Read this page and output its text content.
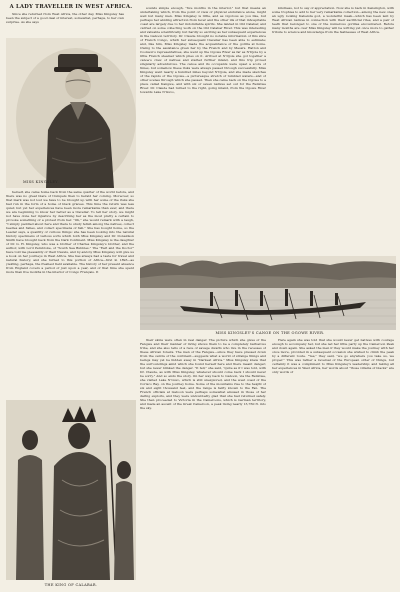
A LADY TRAVELLER IN WEST AFRICA.

Since she returned from West Africa, the other day, Miss Kingsley has been the subject of a good deal of interest, somewhat, perhaps, to her own surprise. As she says

MISS KINGSLEY.

herself, she came home back from the same quarter of the world before, and there was no great blare of trumpets then to herald her coming. Moreover, so that mark was not lost we have to be brought up with her some of the risks she had run in the form of a home of black grieves. This time the return was less quiet; but yet her experiences have been more remarkable than ever, and there we are beginning to know her better as a traveller. To tell her story, we might not have done her injustice by describing her as the most pretty a certain to provoke something of a protest from her. "Oh," she would remark with a laugh, "I simply paddled about here and there to study fetish among the natives, collect beetles and fishes, and collect specimens of fish." She has bought home, so the Leader says, a quantity of curious things: she has been looking into the natural history specimens of various sorts which both Miss Kingsley and Dr. Donaldson Smith have brought back from the Dark Continent. Miss Kingsley is the daughter of Dr. G. H. Kingsley, who was a brother of Charles Kingsley's brother, and the author, with Lord Pembroke, of "South Sea Bubbles." The "Earl and the Doctor" have told me pleasantly of their travels, and by-and-by Miss Kingsley will give us a book on her journeys in West Africa. She has always had a taste for travel and natural history, and she turned to this portion of Africa—first in 1893—as yielding, perhaps, the freshest field available. The history of her present absence from England covers a period of just upon a year, and of that time she spent more than five months in the interior of Congo Français. It

sounds simple enough, "five months in the interior," but that means an undertaking which, from the point of view of physical endurance alone, might well but many men. Miss Kingsley is little, and as vigorous as you like, but perhaps her abiding attraction from fever and the other ills of that inhospitable coast are largely due to her indomitable spirits. She landed in Old Calabar, and carried on some collecting work on the Old Calabar River. This was interesting and valuable scientifically, but hardly so exciting as her subsequent experiences in the Gaboon territory. Dr. Claude brought no notable information of this slice of French Congo, which her subsequent traveller has been able to estimate; and, like him, Miss Kingsley made the acquaintance of the gorilla at home. Owing to the assistance given her by the French and by Messrs. Hatton and Cookson's representatives, she went up the Ogowe River as far as N'Djole by a little French steamer which plies on it. Arrived at N'Djole she got together a canoe's crew of natives and started further inland, and this trip proved singularly adventurous. The canoe and its occupants were upset a score of times, but somehow these risks were always passed through successfully. Miss Kingsley went nearly a hundred miles beyond N'Djole, and she made sketches of the rapids of the Ogowe—a picturesque stretch of tumbled waters—and of other scenes through which she passed. Then she came back on the Ogowe to a place called Kangwe, and with six or seven natives set out for the Rembwe River. Dr. Claude had turned to the right, going inland, from the Ogowe River towards Lake N'Guvo,

kindness, not to say of appreciation. Now she is back in Kensington, with some trophies to add to her very remarkable collection—among the new ones an ugly looking Kabenda god, a wonderful mask—which has been lent by West African natives in connection with their sacrificial rites, and a pair of teeth that belonged to one of the numerous gorillas encountered. Before many months are over Miss Kingsley will be writing yet once more to gather tribute to science and knowledge from the fastnesses of West Africa.

MISS KINGSLEY'S CANOE ON THE OGOWE RIVER.
THE KING OF CALABAR.

their skins were often in real danger. The picture which she gives of the Fangwe and their manner of living shows them to be a completely barbarous tribe, and she also tells of a race of savage dwarfs who live in the recesses of these African forests. The men of the Fangwe—since they have pressed down from the centre of the continent—suggests what a world of strange things and beings may yet be hidden away in "Darkest Africa." Miss Kingsley knew that the surroundings amid which she found herself here and there meant danger; but she never blinked the danger. "It fell," she said, "quite as if I was told, with Dr. Claude, as with Miss Kingsley, whatever should come back I should never be sorry." And so ends the story. On her way back to Gaboon, via the Rembwe, she visited Lake N'Guvo, which is still unexplored, and the west coast of the Corisco Bay, on the journey home. Some of the mountains rise to the height of six and eight thousand feet, and the range is fairly known to the Fan. The French officials at Gaboon were perhaps somewhat amused in those of her daring exploits, and they were undoubtedly glad that she had returned safely. She then proceeded to Victoria in the Cameroons, which is German territory, and made an ascent of the Great Cameroon, a peak rising nearly 13,760 ft. into the sky.

Here again she was told that she would never get natives with courage enough to accompany her, but she led her little party up the Cameroon Peak and down again. She asked the men if they would make the journey with her once more, provided in a subsequent occasion she wished to climb the peak by a different route. "Yes," they said, "we go anywhere you take us, we proper." This was rather a reversal of the European order of things, but certainly it was a compliment to Miss Kingsley's leadership; and taking all her experiences in West Africa, her words about "those villains of blacks" are only words of
